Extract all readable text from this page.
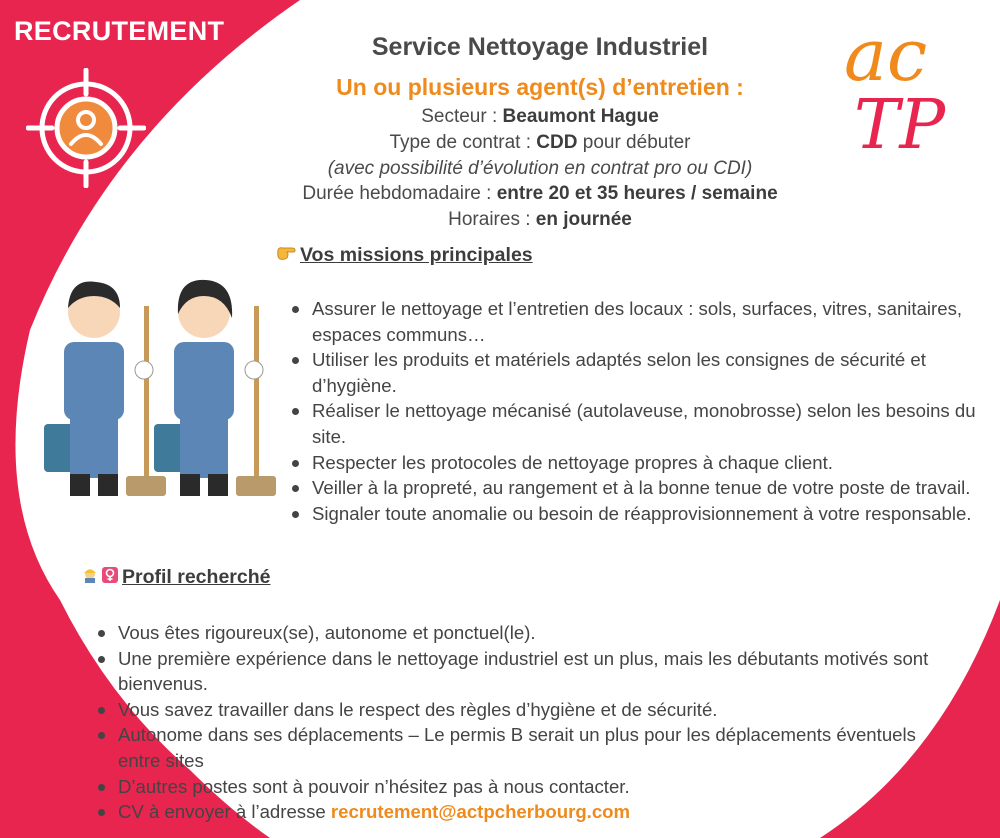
RECRUTEMENT	ac
TP
Service Nettoyage Industriel
Un ou plusieurs agent(s) d’entretien :
Secteur : Beaumont Hague
Type de contrat : CDD pour débuter
(avec possibilité d’évolution en contrat pro ou CDI)
Durée hebdomadaire : entre 20 et 35 heures / semaine
Horaires : en journée
Vos missions principales
Assurer le nettoyage et l’entretien des locaux : sols, surfaces, vitres, sanitaires, espaces communs…
Utiliser les produits et matériels adaptés selon les consignes de sécurité et d’hygiène.
Réaliser le nettoyage mécanisé (autolaveuse, monobrosse) selon les besoins du site.
Respecter les protocoles de nettoyage propres à chaque client.
Veiller à la propreté, au rangement et à la bonne tenue de votre poste de travail.
Signaler toute anomalie ou besoin de réapprovisionnement à votre responsable.
Profil recherché
Vous êtes rigoureux(se), autonome et ponctuel(le).
Une première expérience dans le nettoyage industriel est un plus, mais les débutants motivés sont bienvenus.
Vous savez travailler dans le respect des règles d’hygiène et de sécurité.
Autonome dans ses déplacements – Le permis B serait un plus pour les déplacements éventuels entre sites
D’autres postes sont à pouvoir n’hésitez pas à nous contacter.
CV à envoyer à l’adresse recrutement@actpcherbourg.com
